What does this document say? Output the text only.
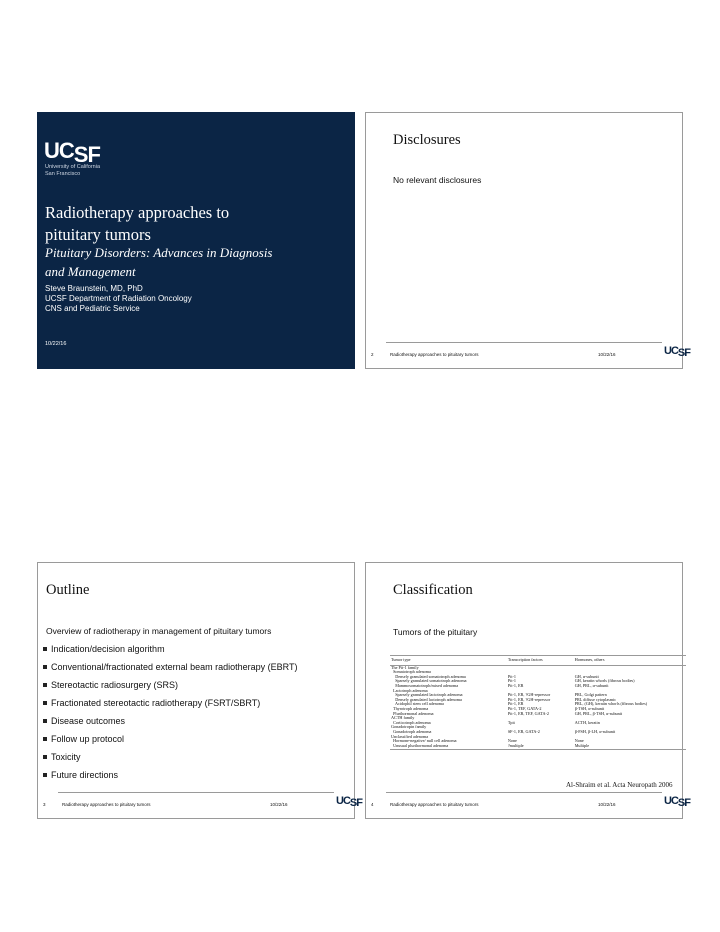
UCSF
University of California
San Francisco
Radiotherapy approaches to
pituitary tumors
Pituitary Disorders: Advances in Diagnosis
and Management
Steve Braunstein, MD, PhD
UCSF Department of Radiation Oncology
CNS and Pediatric Service
10/22/16
Disclosures
No relevant disclosures
2	Radiotherapy approaches to pituitary tumors	10/22/16	UCSF
Outline
Overview of radiotherapy in management of pituitary tumors
Indication/decision algorithm
Conventional/fractionated external beam radiotherapy (EBRT)
Stereotactic radiosurgery (SRS)
Fractionated stereotactic radiotherapy (FSRT/SBRT)
Disease outcomes
Follow up protocol
Toxicity
Future directions
3	Radiotherapy approaches to pituitary tumors	10/22/16	UCSF
Classification
Tumors of the pituitary
Tumor type	Transcription factors	Hormones, others
The Pit-1 family		
Somatotroph adenoma		
Densely granulated somatotroph adenoma	Pit-1	GH, α-subunit
Sparsely granulated somatotroph adenoma	Pit-1	GH, keratin whorls (fibrous bodies)
Mammosomatotroph/mixed adenoma	Pit-1, ER	GH, PRL, α-subunit
Lactotroph adenoma		
Sparsely granulated lactotroph adenoma	Pit-1, ER, ?GH-repressor	PRL, Golgi pattern
Densely granulated lactotroph adenoma	Pit-1, ER, ?GH-repressor	PRL diffuse cytoplasmic
Acidophil stem cell adenoma	Pit-1, ER	PRL, (GH), keratin whorls (fibrous bodies)
Thyrotroph adenoma	Pit-1, TEF, GATA-2	β-TSH, α-subunit
Plurihormonal adenoma	Pit-1, ER, TEF, GATA-2	GH, PRL, β-TSH, α-subunit
ACTH family		
Corticotroph adenoma	Tpit	ACTH, keratin
Gonadotropin family		
Gonadotroph adenoma	SF-1, ER, GATA-2	β-FSH, β-LH, α-subunit
Unclassified adenoma		
Hormone-negative/ null cell adenoma	None	None
Unusual plurihormonal adenoma	?multiple	Multiple
Al-Shraim et al. Acta Neuropath 2006
4	Radiotherapy approaches to pituitary tumors	10/22/16	UCSF
